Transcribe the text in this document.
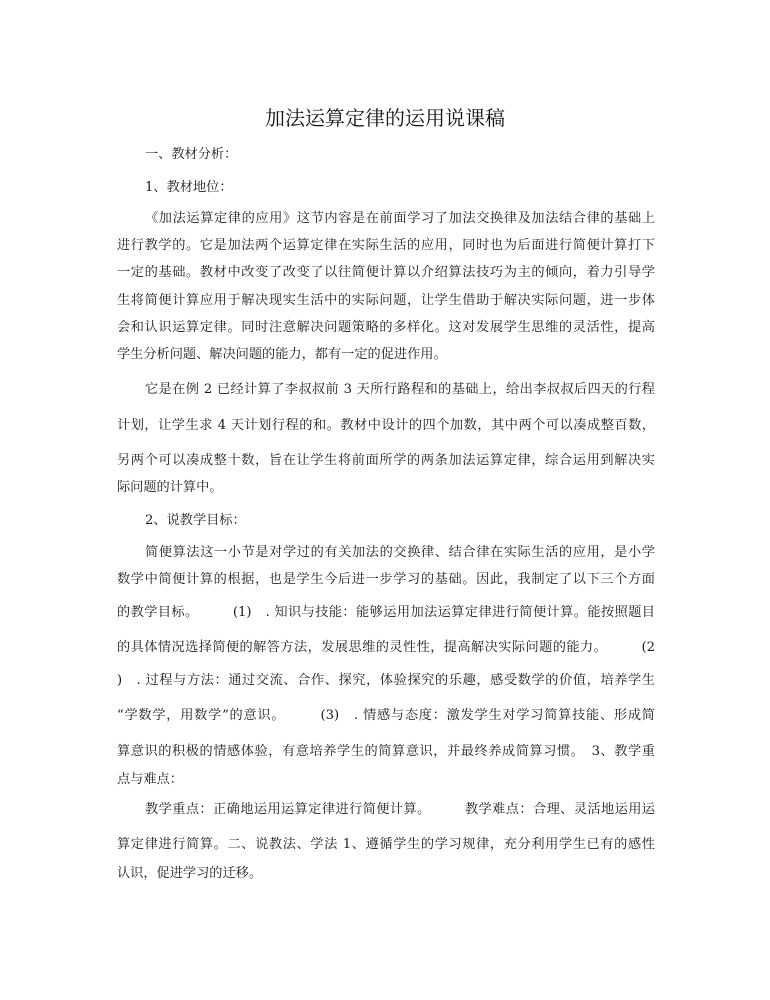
加法运算定律的运用说课稿
一、教材分析：
1、教材地位：
《加法运算定律的应用》这节内容是在前面学习了加法交换律及加法结合律的基础上
进行教学的。它是加法两个运算定律在实际生活的应用，同时也为后面进行简便计算打下
一定的基础。教材中改变了改变了以往简便计算以介绍算法技巧为主的倾向，着力引导学
生将简便计算应用于解决现实生活中的实际问题，让学生借助于解决实际问题，进一步体
会和认识运算定律。同时注意解决问题策略的多样化。这对发展学生思维的灵活性，提高
学生分析问题、解决问题的能力，都有一定的促进作用。
它是在例 2 已经计算了李叔叔前 3 天所行路程和的基础上，给出李叔叔后四天的行程
计划，让学生求 4 天计划行程的和。教材中设计的四个加数，其中两个可以凑成整百数，
另两个可以凑成整十数，旨在让学生将前面所学的两条加法运算定律，综合运用到解决实
际问题的计算中。
2、说教学目标：
简便算法这一小节是对学过的有关加法的交换律、结合律在实际生活的应用，是小学
数学中简便计算的根据，也是学生今后进一步学习的基础。因此，我制定了以下三个方面
的教学目标。　　　(1)　. 知识与技能：能够运用加法运算定律进行简便计算。能按照题目
的具体情况选择简便的解答方法，发展思维的灵性性，提高解决实际问题的能力。　　　(2
)　. 过程与方法：通过交流、合作、探究，体验探究的乐趣，感受数学的价值，培养学生
“学数学，用数学”的意识。　　　(3)　. 情感与态度：激发学生对学习简算技能、形成简
算意识的积极的情感体验，有意培养学生的简算意识，并最终养成简算习惯。　3、教学重
点与难点：
教学重点：正确地运用运算定律进行简便计算。　　　教学难点：合理、灵活地运用运
算定律进行简算。二、说教法、学法 1、遵循学生的学习规律，充分利用学生已有的感性
认识，促进学习的迁移。
